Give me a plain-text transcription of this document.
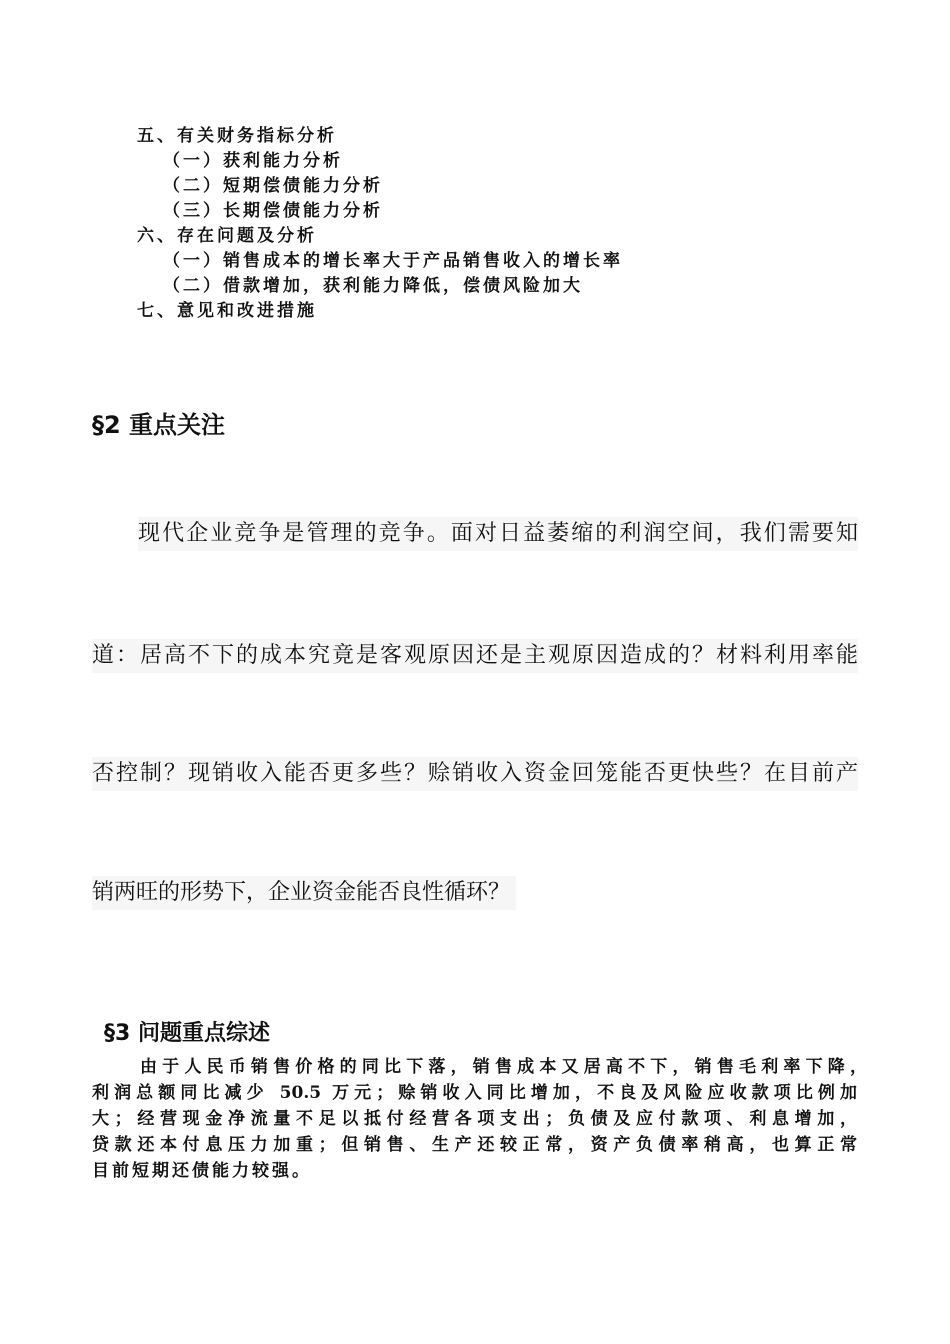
五、有关财务指标分析
（一）获利能力分析
（二）短期偿债能力分析
（三）长期偿债能力分析
六、存在问题及分析
（一）销售成本的增长率大于产品销售收入的增长率
（二）借款增加，获利能力降低，偿债风险加大
七、意见和改进措施
§2 重点关注
现代企业竞争是管理的竞争。面对日益萎缩的利润空间，我们需要知
道：居高不下的成本究竟是客观原因还是主观原因造成的？材料利用率能
否控制？现销收入能否更多些？赊销收入资金回笼能否更快些？在目前产
销两旺的形势下，企业资金能否良性循环？
§3 问题重点综述
由于人民币销售价格的同比下落，销售成本又居高不下，销售毛利率下降，
利润总额同比减少 50.5 万元；赊销收入同比增加，不良及风险应收款项比例加
大；经营现金净流量不足以抵付经营各项支出；负债及应付款项、利息增加，
贷款还本付息压力加重；但销售、生产还较正常，资产负债率稍高，也算正常
目前短期还债能力较强。
